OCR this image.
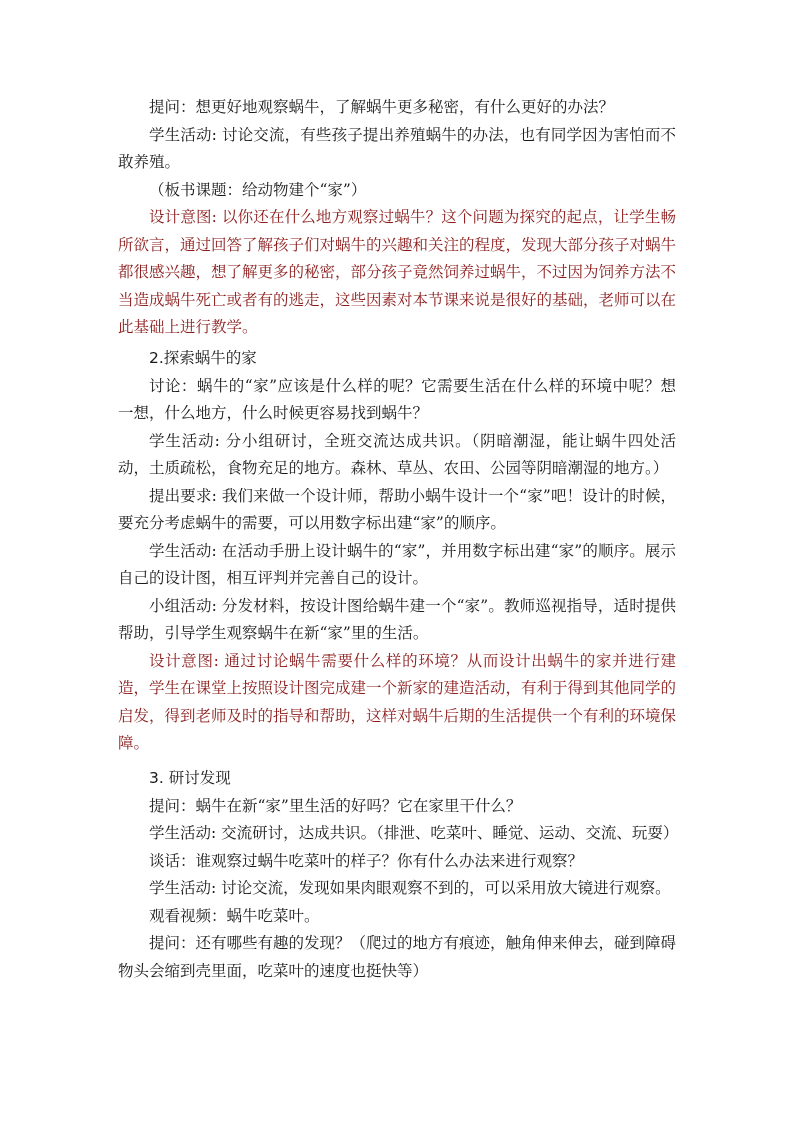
提问：想更好地观察蜗牛，了解蜗牛更多秘密，有什么更好的办法？

学生活动: 讨论交流，有些孩子提出养殖蜗牛的办法，也有同学因为害怕而不敢养殖。

（板书课题：给动物建个“家”）

设计意图: 以你还在什么地方观察过蜗牛？这个问题为探究的起点，让学生畅所欲言，通过回答了解孩子们对蜗牛的兴趣和关注的程度，发现大部分孩子对蜗牛都很感兴趣，想了解更多的秘密，部分孩子竟然饲养过蜗牛，不过因为饲养方法不当造成蜗牛死亡或者有的逃走，这些因素对本节课来说是很好的基础，老师可以在此基础上进行教学。

2.探索蜗牛的家

讨论：蜗牛的“家”应该是什么样的呢？它需要生活在什么样的环境中呢？想一想，什么地方，什么时候更容易找到蜗牛？

学生活动: 分小组研讨，全班交流达成共识。（阴暗潮湿，能让蜗牛四处活动，土质疏松，食物充足的地方。森林、草丛、农田、公园等阴暗潮湿的地方。）

提出要求: 我们来做一个设计师，帮助小蜗牛设计一个“家”吧！设计的时候，要充分考虑蜗牛的需要，可以用数字标出建“家”的顺序。

学生活动: 在活动手册上设计蜗牛的“家”，并用数字标出建“家”的顺序。展示自己的设计图，相互评判并完善自己的设计。

小组活动: 分发材料，按设计图给蜗牛建一个“家”。教师巡视指导，适时提供帮助，引导学生观察蜗牛在新“家”里的生活。

设计意图: 通过讨论蜗牛需要什么样的环境？从而设计出蜗牛的家并进行建造，学生在课堂上按照设计图完成建一个新家的建造活动，有利于得到其他同学的启发，得到老师及时的指导和帮助，这样对蜗牛后期的生活提供一个有利的环境保障。

3. 研讨发现

提问：蜗牛在新“家”里生活的好吗？它在家里干什么？

学生活动: 交流研讨，达成共识。（排泄、吃菜叶、睡觉、运动、交流、玩耍）

谈话：谁观察过蜗牛吃菜叶的样子？你有什么办法来进行观察？

学生活动: 讨论交流，发现如果肉眼观察不到的，可以采用放大镜进行观察。

观看视频：蜗牛吃菜叶。

提问：还有哪些有趣的发现？（爬过的地方有痕迹，触角伸来伸去，碰到障碍物头会缩到壳里面，吃菜叶的速度也挺快等）
